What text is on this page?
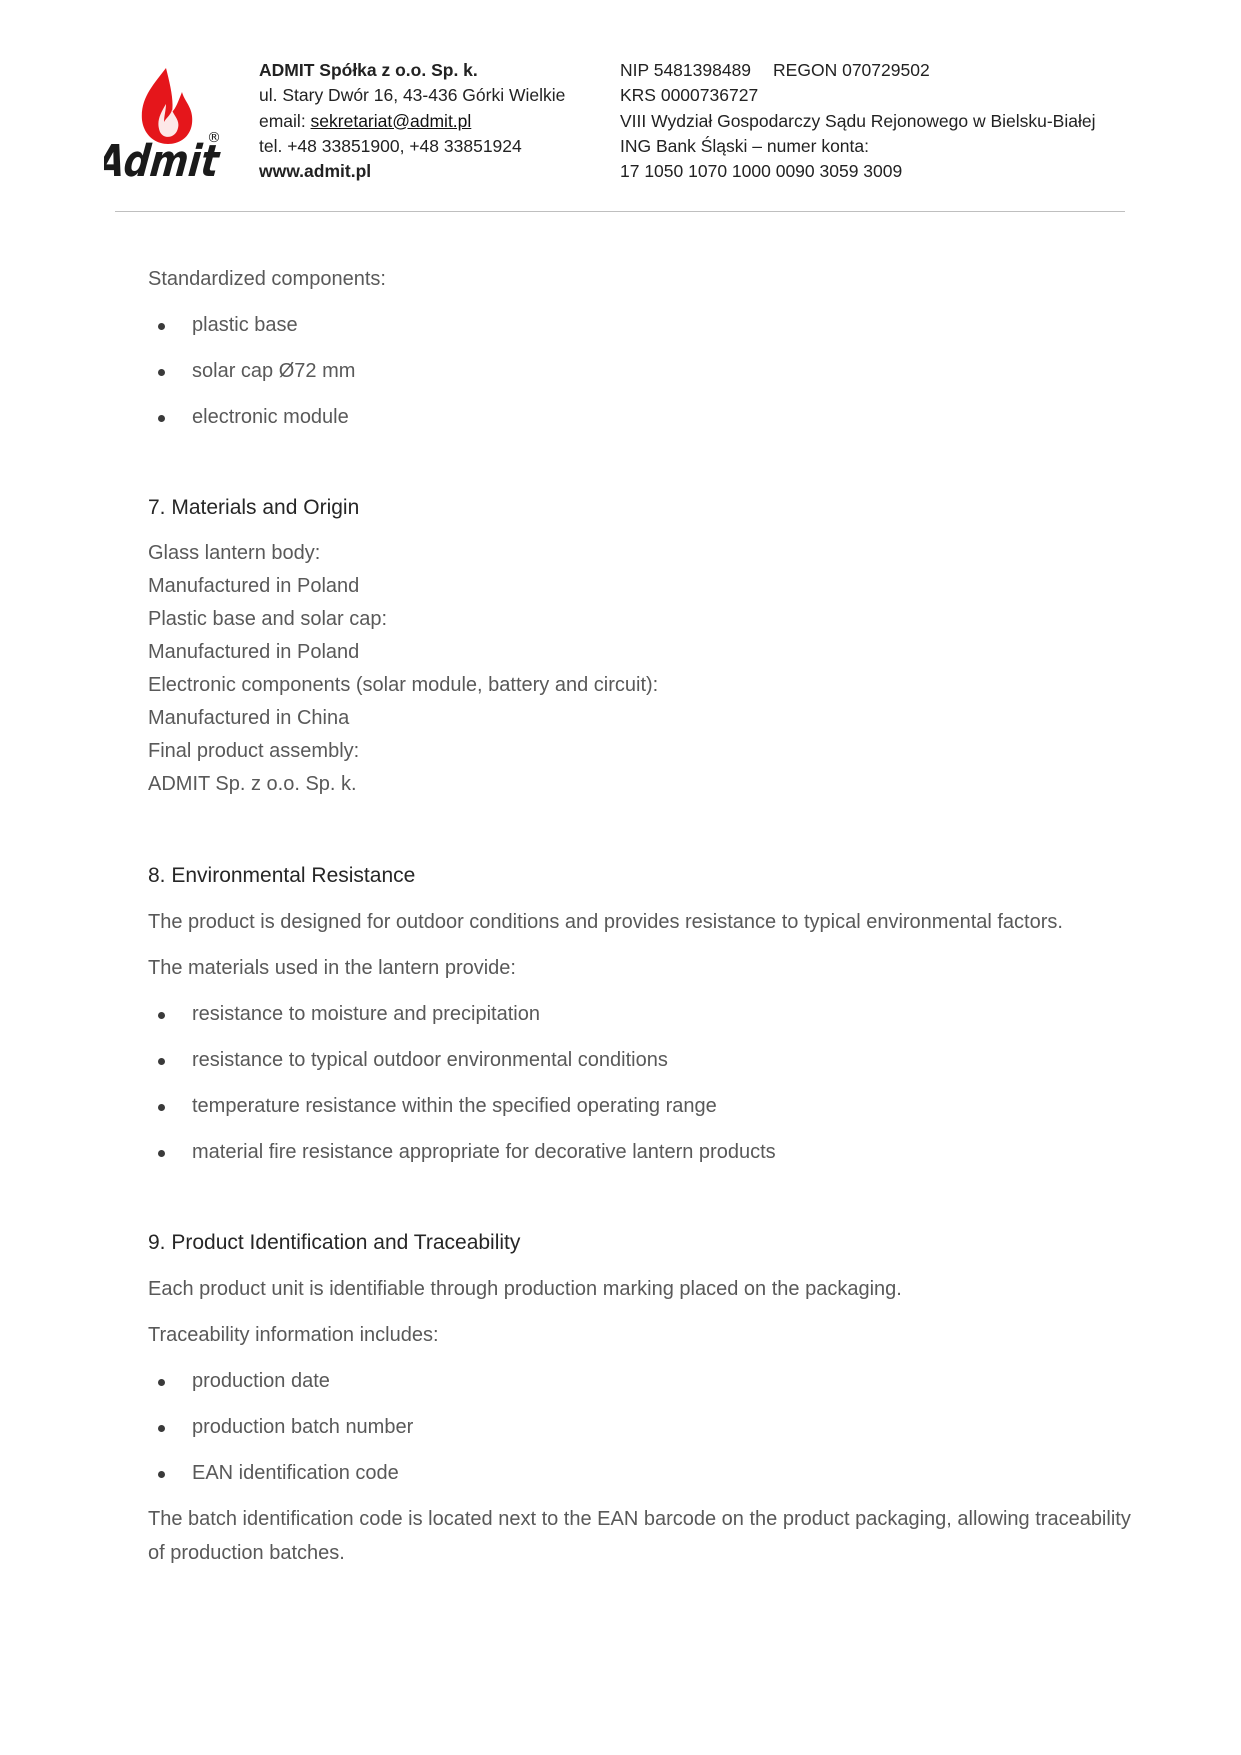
Admit
®
ADMIT Spółka z o.o. Sp. k.
ul. Stary Dwór 16, 43-436 Górki Wielkie
email: sekretariat@admit.pl
tel. +48 33851900, +48 33851924
www.admit.pl
NIP 5481398489 REGON 070729502
KRS 0000736727
VIII Wydział Gospodarczy Sądu Rejonowego w Bielsku-Białej
ING Bank Śląski – numer konta:
17 1050 1070 1000 0090 3059 3009

Standardized components:

plastic base
solar cap Ø72 mm
electronic module
7. Materials and Origin

Glass lantern body:
Manufactured in Poland

Plastic base and solar cap:
Manufactured in Poland

Electronic components (solar module, battery and circuit):
Manufactured in China

Final product assembly:
ADMIT Sp. z o.o. Sp. k.

8. Environmental Resistance

The product is designed for outdoor conditions and provides resistance to typical environmental factors.

The materials used in the lantern provide:

resistance to moisture and precipitation
resistance to typical outdoor environmental conditions
temperature resistance within the specified operating range
material fire resistance appropriate for decorative lantern products
9. Product Identification and Traceability

Each product unit is identifiable through production marking placed on the packaging.

Traceability information includes:

production date
production batch number
EAN identification code

The batch identification code is located next to the EAN barcode on the product packaging, allowing traceability of production batches.
